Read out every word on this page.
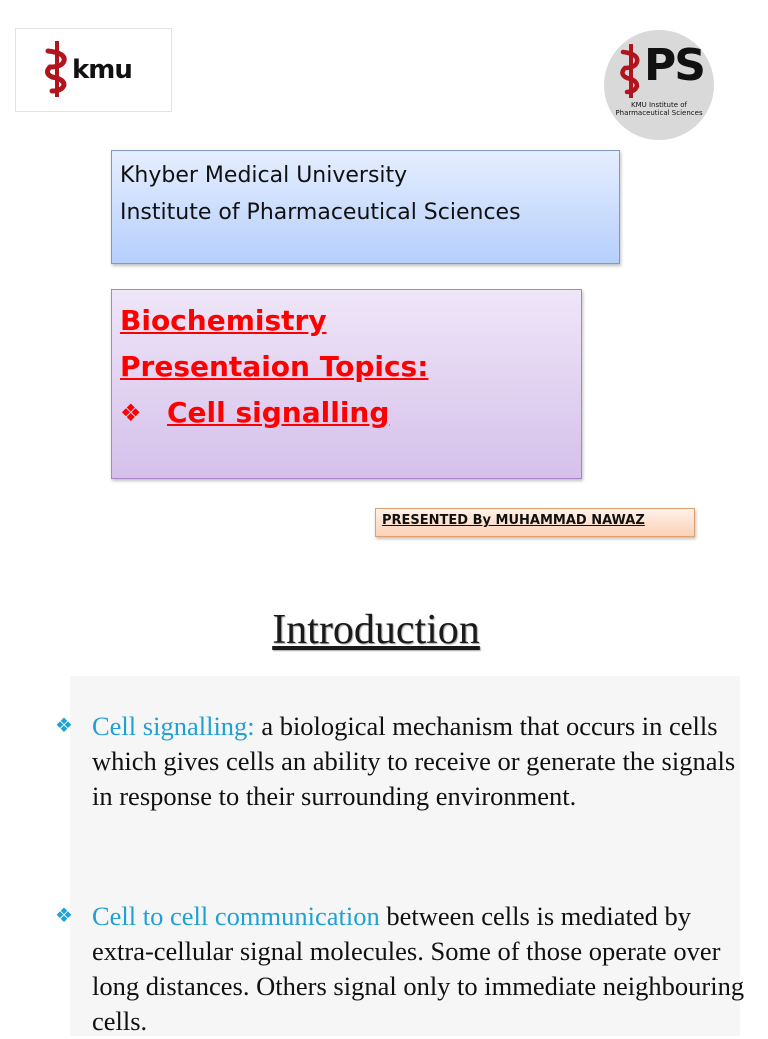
kmu	PS
KMU Institute of Pharmaceutical Sciences
Khyber Medical University
Institute of Pharmaceutical Sciences
Biochemistry
Presentaion Topics:
❖ Cell signalling
PRESENTED By MUHAMMAD NAWAZ
Introduction
❖ Cell signalling: a biological mechanism that occurs in cells which gives cells an ability to receive or generate the signals in response to their surrounding environment.
❖ Cell to cell communication between cells is mediated by extra-cellular signal molecules. Some of those operate over long distances. Others signal only to immediate neighbouring cells.
